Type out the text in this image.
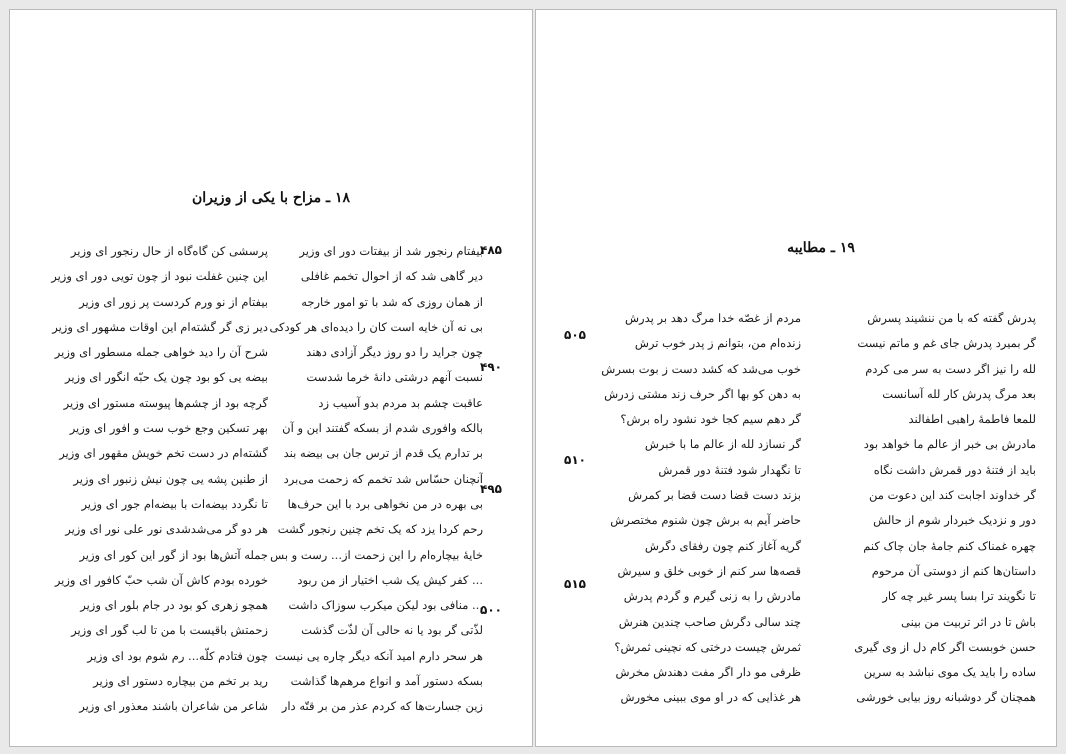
۱۸ ـ مزاح با یکی از وزیران
پرسشی کن گاه‌گاه از حال رنجور ای وزیر
این چنین غفلت نبود از چون تویی دور ای وزیر
بیفتام از نو ورم کردست پر زور ای وزیر
دیر زی گر گشته‌ام این اوقات مشهور ای وزیر
شرح آن را دید خواهی جمله مسطور ای وزیر
بیضه‌ یی کو بود چون یک حبّه انگور ای وزیر
گرچه بود از چشم‌ها پیوسته مستور ای وزیر
بهر تسکین وجع خوب ست و افور ای وزیر
گشته‌ام در دست تخم خویش مقهور ای وزیر
از طنین پشه‌ یی چون نیش زنبور ای وزیر
تا نگردد بیضه‌ات با بیضه‌ام جور ای وزیر
هر دو گر می‌شدشدی نور علی نور ای وزیر
جمله آتش‌ها بود از گور این کور ای وزیر
خورده بودم کاش آن شب حبّ کافور ای وزیر
همچو زهری کو بود در جام بلور ای وزیر
زحمتش باقیست با من تا لب گور ای وزیر
چون فتادم کلّه... رم شوم بود ای وزیر
رید بر تخم من بیچاره دستور ای وزیر
شاعر من شاعران باشند معذور ای وزیر
بیفتام رنجور شد از بیفتات دور ای وزیر
دیر گاهی شد که از احوال تخمم غافلی
از همان روزی که شد با تو امور خارجه
بی نه آن خایه است کان را دیده‌ای هر کودکی
چون جراید را دو روز دیگر آزادی دهند
نسبت آنهم درشتی دانهٔ خرما شدست
عاقبت چشم بد مردم بدو آسیب زد
بالکه وافوری شدم از بسکه گفتند این و آن
بر تدارم یک قدم از ترس جان بی بیضه بند
آنچنان حسّاس شد تخمم که زحمت می‌برد
بی بهره در من نخواهی برد با این حرف‌ها
رحم کردا یزد که یک تخم چنین رنجور گشت
خایهٔ بیچاره‌ام را این زحمت از... رست و بس
... کفر کیش یک شب اختیار از من ربود
... منافی بود لیکن میکرب سوزاک داشت
لذّتی گر بود یا نه حالی آن لذّت گذشت
هر سحر دارم امید آنکه دیگر چاره‌ یی نیست
بسکه دستور آمد و انواع مرهم‌ها گذاشت
زین جسارت‌ها که کردم عذر من بر قتّه دار
۴۸۵
۴۹۰
۴۹۵
۵۰۰
۱۹ ـ مطایبه
مردم از غصّه خدا مرگ دهد بر پدرش
زنده‌ام من، بتوانم ز پدر خوب ترش
خوب می‌شد که کشد دست ز بوت بسرش
به دهن کو بها اگر حرف زند مشتی زدرش
گر دهم سیم کجا خود نشود راه برش؟
گر نسازد لله از عالم ما با خبرش
تا نگهدار شود فتنهٔ دور قمرش
بزند دست قضا دست قضا بر کمرش
حاضر آیم به برش چون شنوم مختصرش
گریه آغاز کنم چون رفقای دگرش
قصه‌ها سر کنم از خوبی خلق و سیرش
مادرش را به زنی گیرم و گردم پدرش
چند سالی دگرش صاحب چندین هنرش
ثمرش چیست درختی که نچینی ثمرش؟
ظرفی مو دار اگر مفت دهندش مخرش
هر غذایی که در او موی ببینی مخورش
پدرش گفته که با من ننشیند پسرش
گر بمیرد پدرش جای غم و ماتم نیست
لله را نیز اگر دست به سر می کردم
بعد مرگ پدرش کار لله آسانست
للمعا فاطمهٔ راهبی اطفالند
مادرش بی خبر از عالم ما خواهد بود
باید از فتنهٔ دور قمرش داشت نگاه
گر خداوند اجابت کند این دعوت من
دور و نزدیک خبردار شوم از حالش
چهره غمناک کنم جامهٔ جان چاک کنم
داستان‌ها کنم از دوستی آن مرحوم
تا نگویند ترا بسا پسر غیر چه کار
باش تا در اثر تربیت من بینی
حسن خوبست اگر کام دل از وی گیری
ساده را باید یک موی نباشد به سرین
همچنان گر دوشبانه روز بیابی خورشی
۵۰۵
۵۱۰
۵۱۵
